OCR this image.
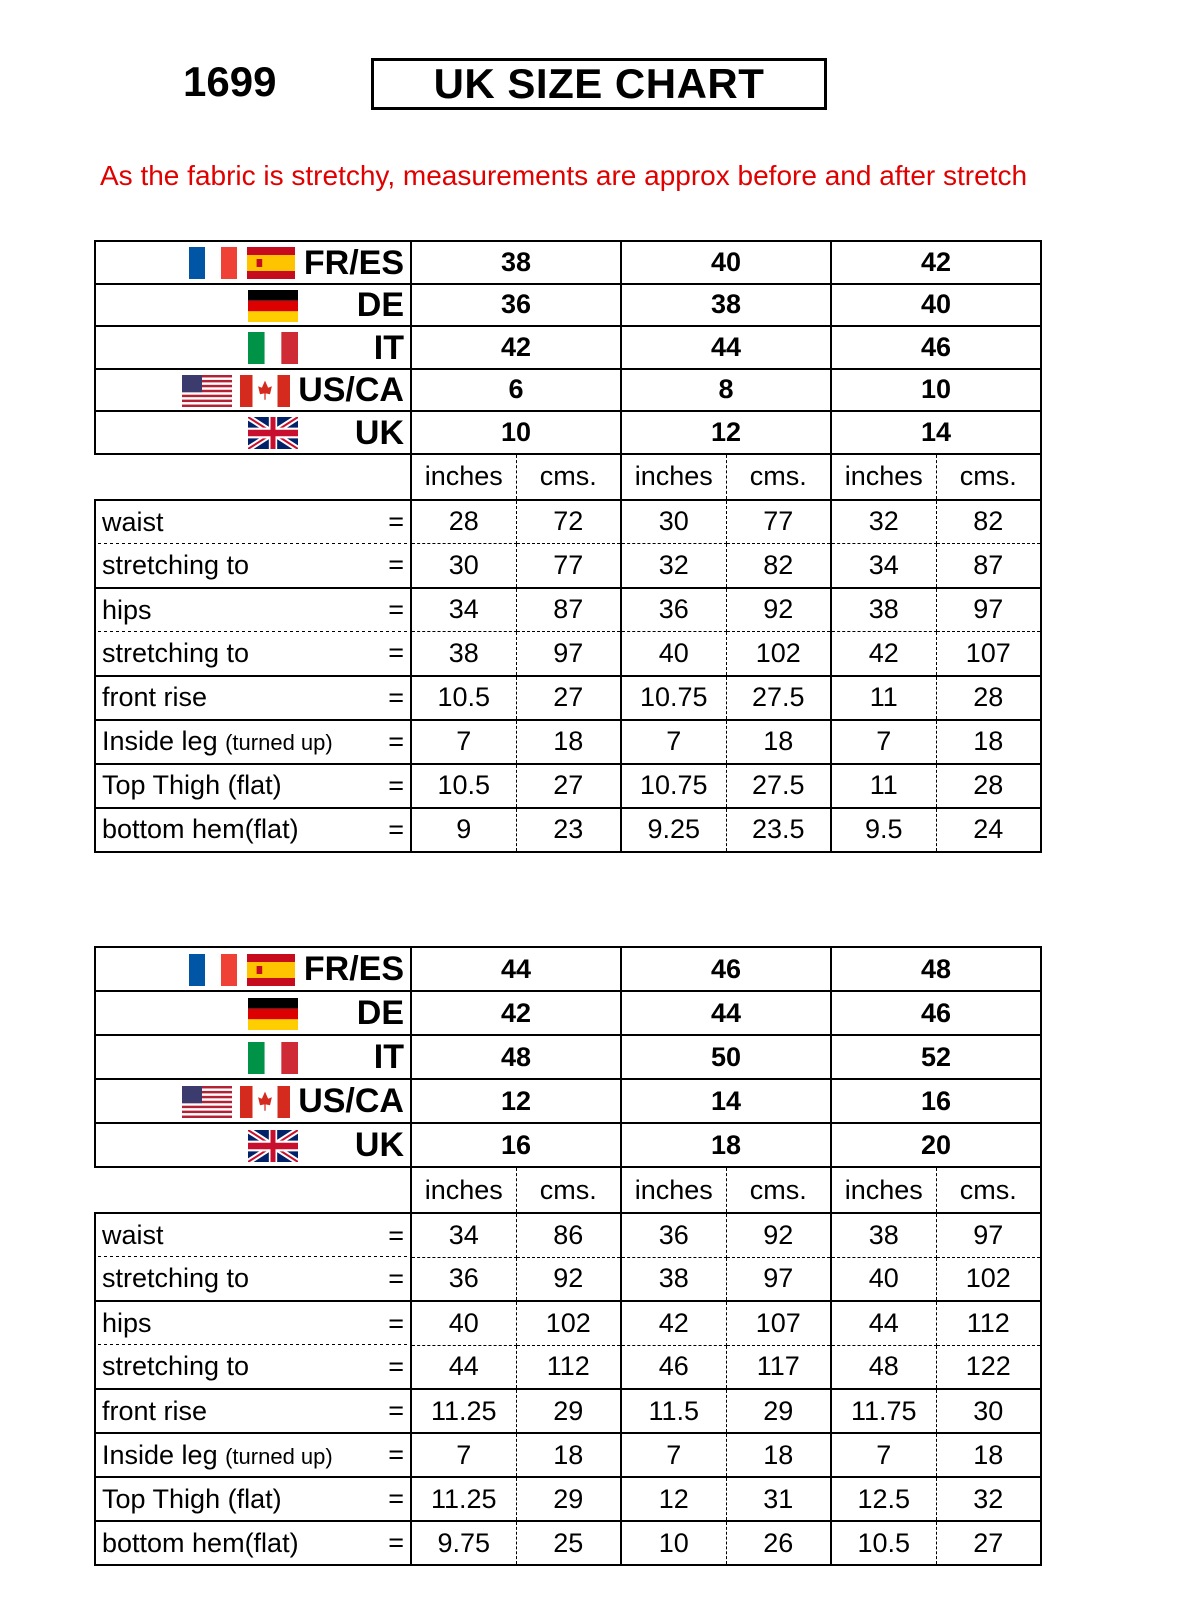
1699	UK SIZE CHART
As the fabric is stretchy, measurements are approx before and after stretch
FR/ES	38		40		42	

DE	36		38		40	

IT	42		44		46	

US/CA	6		8		10	

UK	10		12		14	
	inches	cms.	inches	cms.	inches	cms.
waist =	28	72	30	77	32	82
stretching to =	30	77	32	82	34	87
hips =	34	87	36	92	38	97
stretching to =	38	97	40	102	42	107
front rise =	10.5	27	10.75	27.5	11	28
Inside leg (turned up) =	7	18	7	18	7	18
Top Thigh (flat) =	10.5	27	10.75	27.5	11	28
bottom hem(flat) =	9	23	9.25	23.5	9.5	24
FR/ES	44		46		48	

DE	42		44		46	

IT	48		50		52	

US/CA	12		14		16	

UK	16		18		20	
	inches	cms.	inches	cms.	inches	cms.
waist =	34	86	36	92	38	97
stretching to =	36	92	38	97	40	102
hips =	40	102	42	107	44	112
stretching to =	44	112	46	117	48	122
front rise =	11.25	29	11.5	29	11.75	30
Inside leg (turned up) =	7	18	7	18	7	18
Top Thigh (flat) =	11.25	29	12	31	12.5	32
bottom hem(flat) =	9.75	25	10	26	10.5	27
